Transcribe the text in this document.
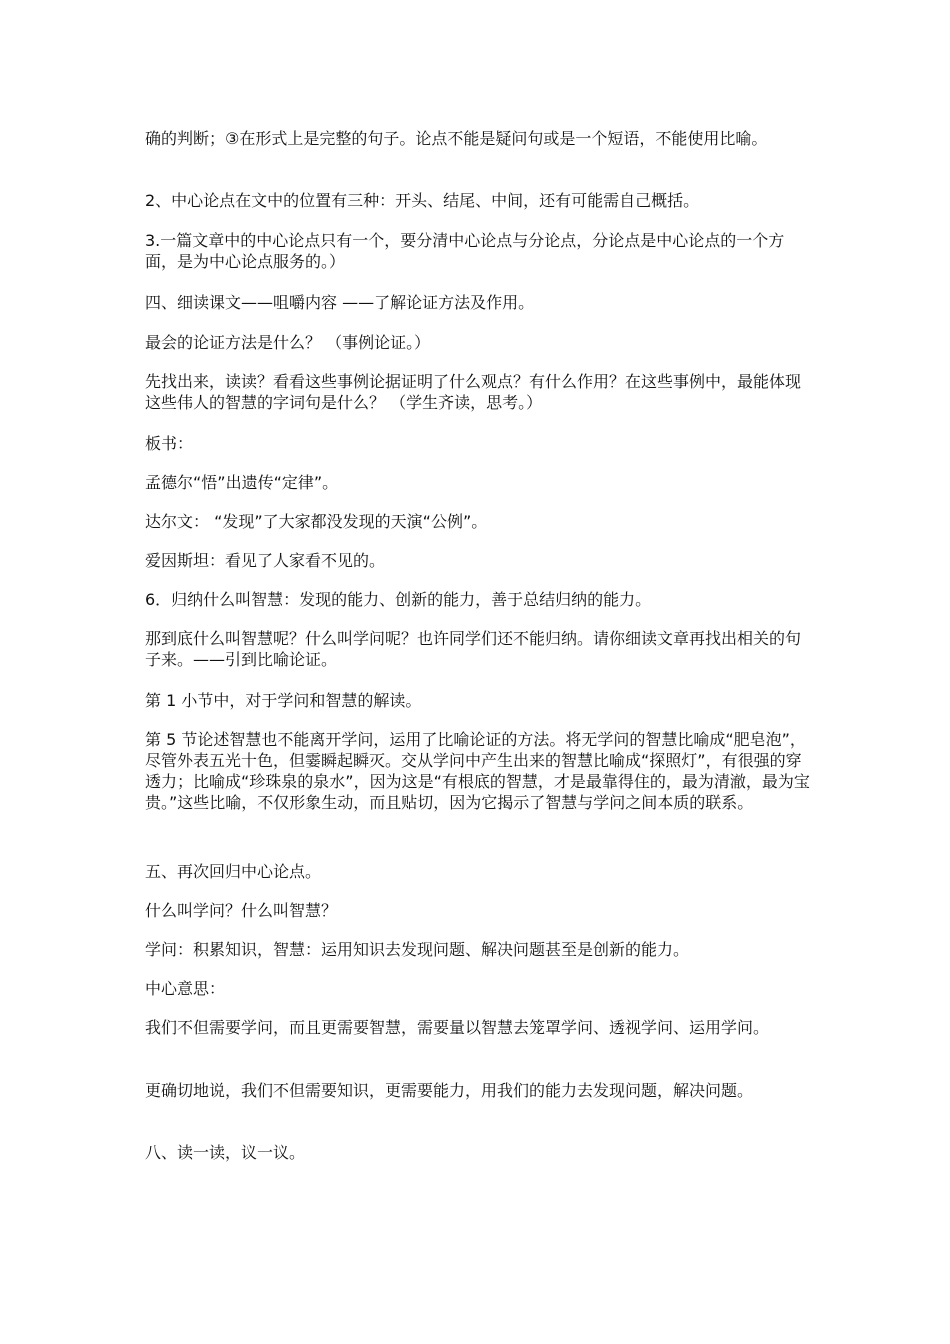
确的判断；③在形式上是完整的句子。论点不能是疑问句或是一个短语，不能使用比喻。

2、中心论点在文中的位置有三种：开头、结尾、中间，还有可能需自己概括。

3.一篇文章中的中心论点只有一个，要分清中心论点与分论点，分论点是中心论点的一个方面，是为中心论点服务的。）

四、细读课文——咀嚼内容 ——了解论证方法及作用。

最会的论证方法是什么？ （事例论证。）

先找出来，读读？看看这些事例论据证明了什么观点？有什么作用？在这些事例中，最能体现这些伟人的智慧的字词句是什么？ （学生齐读，思考。）

板书：

孟德尔“悟”出遗传“定律”。

达尔文： “发现”了大家都没发现的天演“公例”。

爱因斯坦：看见了人家看不见的。

6．归纳什么叫智慧：发现的能力、创新的能力，善于总结归纳的能力。

那到底什么叫智慧呢？什么叫学问呢？也许同学们还不能归纳。请你细读文章再找出相关的句子来。——引到比喻论证。

第 1 小节中，对于学问和智慧的解读。

第 5 节论述智慧也不能离开学问，运用了比喻论证的方法。将无学问的智慧比喻成“肥皂泡”，尽管外表五光十色，但霎瞬起瞬灭。交从学问中产生出来的智慧比喻成“探照灯”，有很强的穿透力；比喻成“珍珠泉的泉水”，因为这是“有根底的智慧，才是最靠得住的，最为清澈，最为宝贵。”这些比喻，不仅形象生动，而且贴切，因为它揭示了智慧与学问之间本质的联系。

五、再次回归中心论点。

什么叫学问？什么叫智慧？

学问：积累知识，智慧：运用知识去发现问题、解决问题甚至是创新的能力。

中心意思：

我们不但需要学问，而且更需要智慧，需要量以智慧去笼罩学问、透视学问、运用学问。

更确切地说，我们不但需要知识，更需要能力，用我们的能力去发现问题，解决问题。

八、读一读，议一议。
